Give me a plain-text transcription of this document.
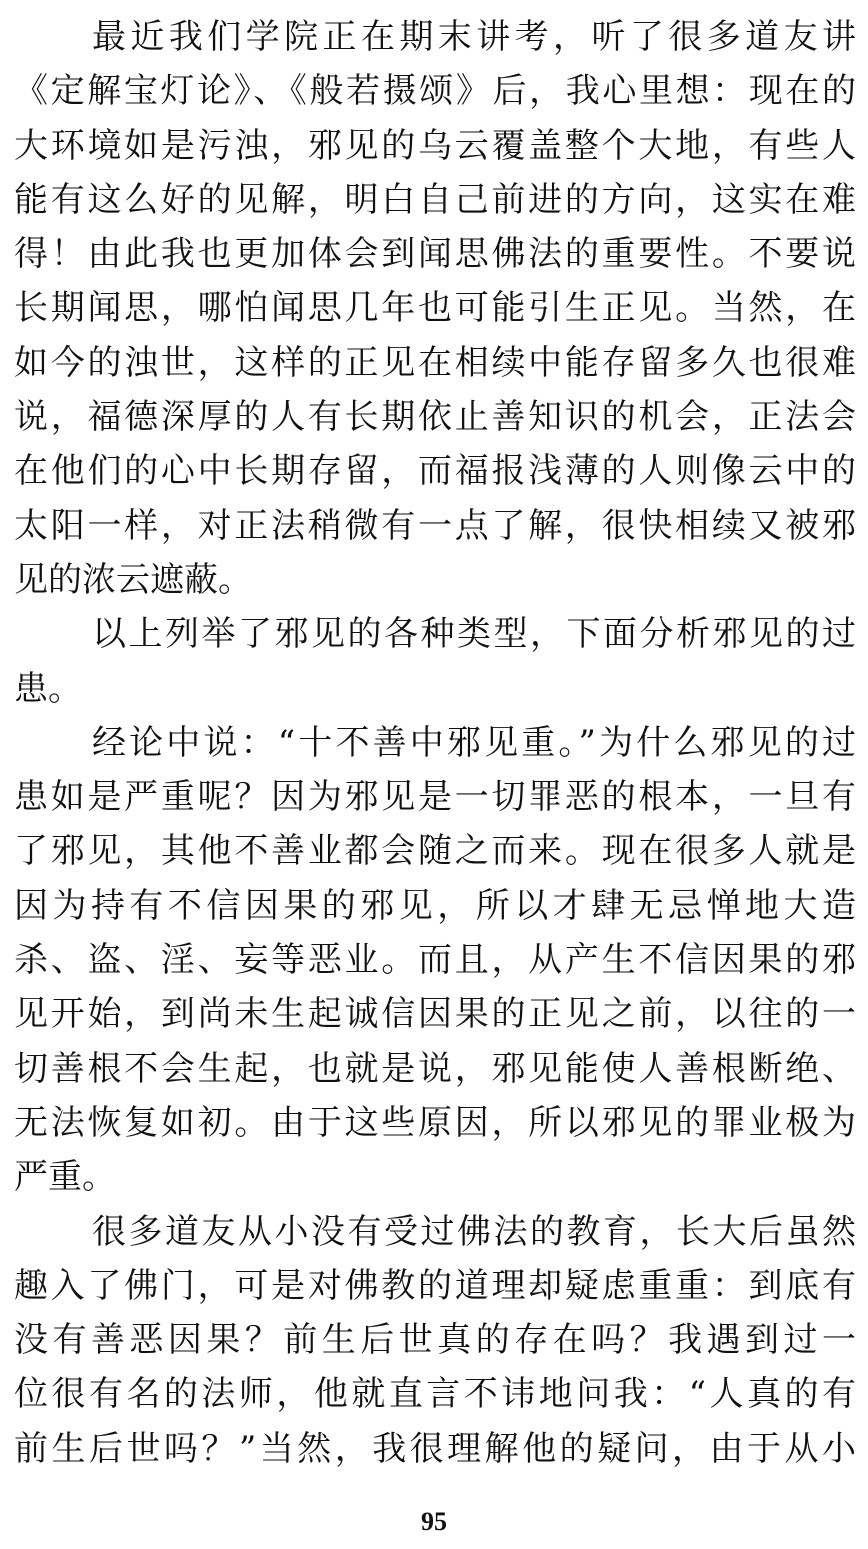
最近我们学院正在期末讲考，听了很多道友讲
《定解宝灯论》、《般若摄颂》后，我心里想：现在的
大环境如是污浊，邪见的乌云覆盖整个大地，有些人
能有这么好的见解，明白自己前进的方向，这实在难
得！由此我也更加体会到闻思佛法的重要性。不要说
长期闻思，哪怕闻思几年也可能引生正见。当然，在
如今的浊世，这样的正见在相续中能存留多久也很难
说，福德深厚的人有长期依止善知识的机会，正法会
在他们的心中长期存留，而福报浅薄的人则像云中的
太阳一样，对正法稍微有一点了解，很快相续又被邪
见的浓云遮蔽。
以上列举了邪见的各种类型，下面分析邪见的过
患。
经论中说：“十不善中邪见重。”为什么邪见的过
患如是严重呢？因为邪见是一切罪恶的根本，一旦有
了邪见，其他不善业都会随之而来。现在很多人就是
因为持有不信因果的邪见，所以才肆无忌惮地大造
杀、盗、淫、妄等恶业。而且，从产生不信因果的邪
见开始，到尚未生起诚信因果的正见之前，以往的一
切善根不会生起，也就是说，邪见能使人善根断绝、
无法恢复如初。由于这些原因，所以邪见的罪业极为
严重。
很多道友从小没有受过佛法的教育，长大后虽然
趣入了佛门，可是对佛教的道理却疑虑重重：到底有
没有善恶因果？前生后世真的存在吗？我遇到过一
位很有名的法师，他就直言不讳地问我：“人真的有
前生后世吗？”当然，我很理解他的疑问，由于从小
95
